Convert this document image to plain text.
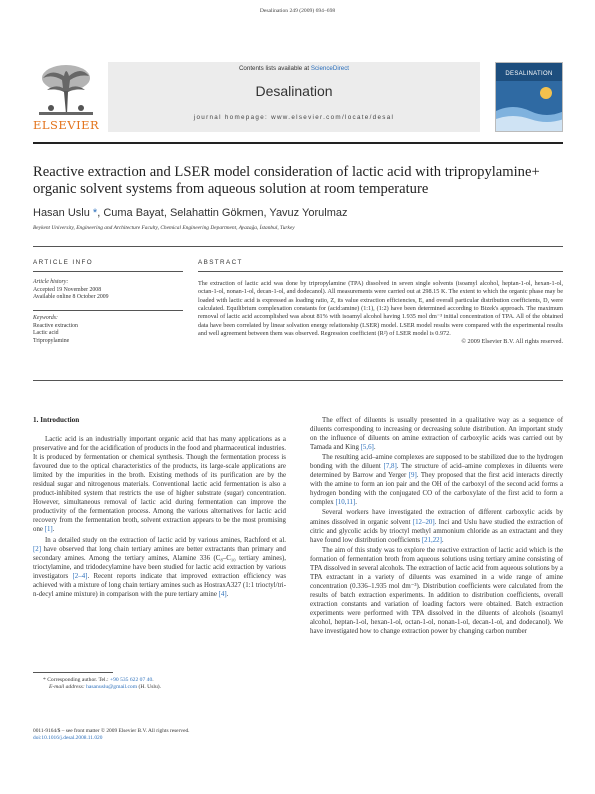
Desalination 249 (2009) 694–698
ELSEVIER
Contents lists available at ScienceDirect
Desalination
journal homepage: www.elsevier.com/locate/desal
DESALINATION
Reactive extraction and LSER model consideration of lactic acid with tripropylamine+ organic solvent systems from aqueous solution at room temperature
Hasan Uslu *, Cuma Bayat, Selahattin Gökmen, Yavuz Yorulmaz
Beykent University, Engineering and Architecture Faculty, Chemical Engineering Department, Ayazağa, İstanbul, Turkey
ARTICLE INFO	ABSTRACT
Article history:
Accepted 19 November 2008
Available online 8 October 2009
Keywords:
Reactive extraction
Lactic acid
Tripropylamine
The extraction of lactic acid was done by tripropylamine (TPA) dissolved in seven single solvents (isoamyl alcohol, heptan-1-ol, hexan-1-ol, octan-1-ol, nonan-1-ol, decan-1-ol, and dodecanol). All measurements were carried out at 298.15 K. The extent to which the organic phase may be loaded with lactic acid is expressed as loading ratio, Z, its value extraction efficiencies, E, and overall particular distribution coefficients, D, were calculated. Equilibrium complexation constants for (acid:amine) (1:1), (1:2) have been determined according to Bizek's approach. The maximum removal of lactic acid accomplished was about 81% with isoamyl alcohol having 1.935 mol dm⁻³ initial concentration of TPA. All of the obtained data have been correlated by linear solvation energy relationship (LSER) model. LSER model results were compared with the experimental results and well agreement between them was observed. Regression coefficient (R²) of LSER model is 0.972.
© 2009 Elsevier B.V. All rights reserved.
1. Introduction

Lactic acid is an industrially important organic acid that has many applications as a preservative and for the acidification of products in the food and pharmaceutical industries. It is produced by fermentation or chemical synthesis. Though the fermentation process is favoured due to the optical characteristics of the products, its large-scale applications are limited by the impurities in the broth. Existing methods of its purification are by the residual sugar and nitrogenous materials. Conventional lactic acid fermentation is also a product-inhibited system that restricts the use of higher substrate (sugar) concentration. However, simultaneous removal of lactic acid during fermentation can improve the productivity of the fermentation process. Among the various alternatives for lactic acid recovery from the fermentation broth, solvent extraction appears to be the most promising one [1].

In a detailed study on the extraction of lactic acid by various amines, Rachford et al. [2] have observed that long chain tertiary amines are better extractants than primary and secondary amines. Among the tertiary amines, Alamine 336 (C₈–C₁₀ tertiary amines), trioctylamine, and tridodecylamine have been studied for lactic acid extraction by various investigators [2–4]. Recent reports indicate that improved extraction efficiency was achieved with a mixture of long chain tertiary amines such as HostraxA327 (1:1 trioctyl/tri-n-decyl amine mixture) in comparison with the pure tertiary amine [4].

The effect of diluents is usually presented in a qualitative way as a sequence of diluents corresponding to increasing or decreasing solute distribution. An important study on the influence of diluents on amine extraction of carboxylic acids was carried out by Tamada and King [5,6].

The resulting acid–amine complexes are supposed to be stabilized due to the hydrogen bonding with the diluent [7,8]. The structure of acid–amine complexes in diluents were determined by Barrow and Yerger [9]. They proposed that the first acid interacts directly with the amine to form an ion pair and the OH of the carboxyl of the second acid forms a hydrogen bonding with the conjugated CO of the carboxylate of the first acid to form a complex [10,11].

Several workers have investigated the extraction of different carboxylic acids by amines dissolved in organic solvent [12–20]. Inci and Uslu have studied the extraction of citric and glycolic acids by trioctyl methyl ammonium chloride as an extractant and they have found low distribution coefficients [21,22].

The aim of this study was to explore the reactive extraction of lactic acid which is the formation of fermentation broth from aqueous solutions using tertiary amine consisting of TPA dissolved in several alcohols. The extraction of lactic acid from aqueous solutions by a TPA extractant in a variety of diluents was examined in a wide range of amine concentration (0.336–1.935 mol dm⁻³). Distribution coefficients were calculated from the results of batch extraction experiments. In addition to distribution coefficients, overall extraction constants and variation of loading factors were obtained. Batch extraction experiments were performed with TPA dissolved in the diluents of alcohols (isoamyl alcohol, heptan-1-ol, hexan-1-ol, octan-1-ol, nonan-1-ol, decan-1-ol, and dodecanol). We have investigated how to change extraction power by changing carbon number

* Corresponding author. Tel.: +90 535 622 07 40.
E-mail address: hasanuslu@gmail.com (H. Uslu).
0011-9164/$ – see front matter © 2009 Elsevier B.V. All rights reserved.
doi:10.1016/j.desal.2008.11.020
